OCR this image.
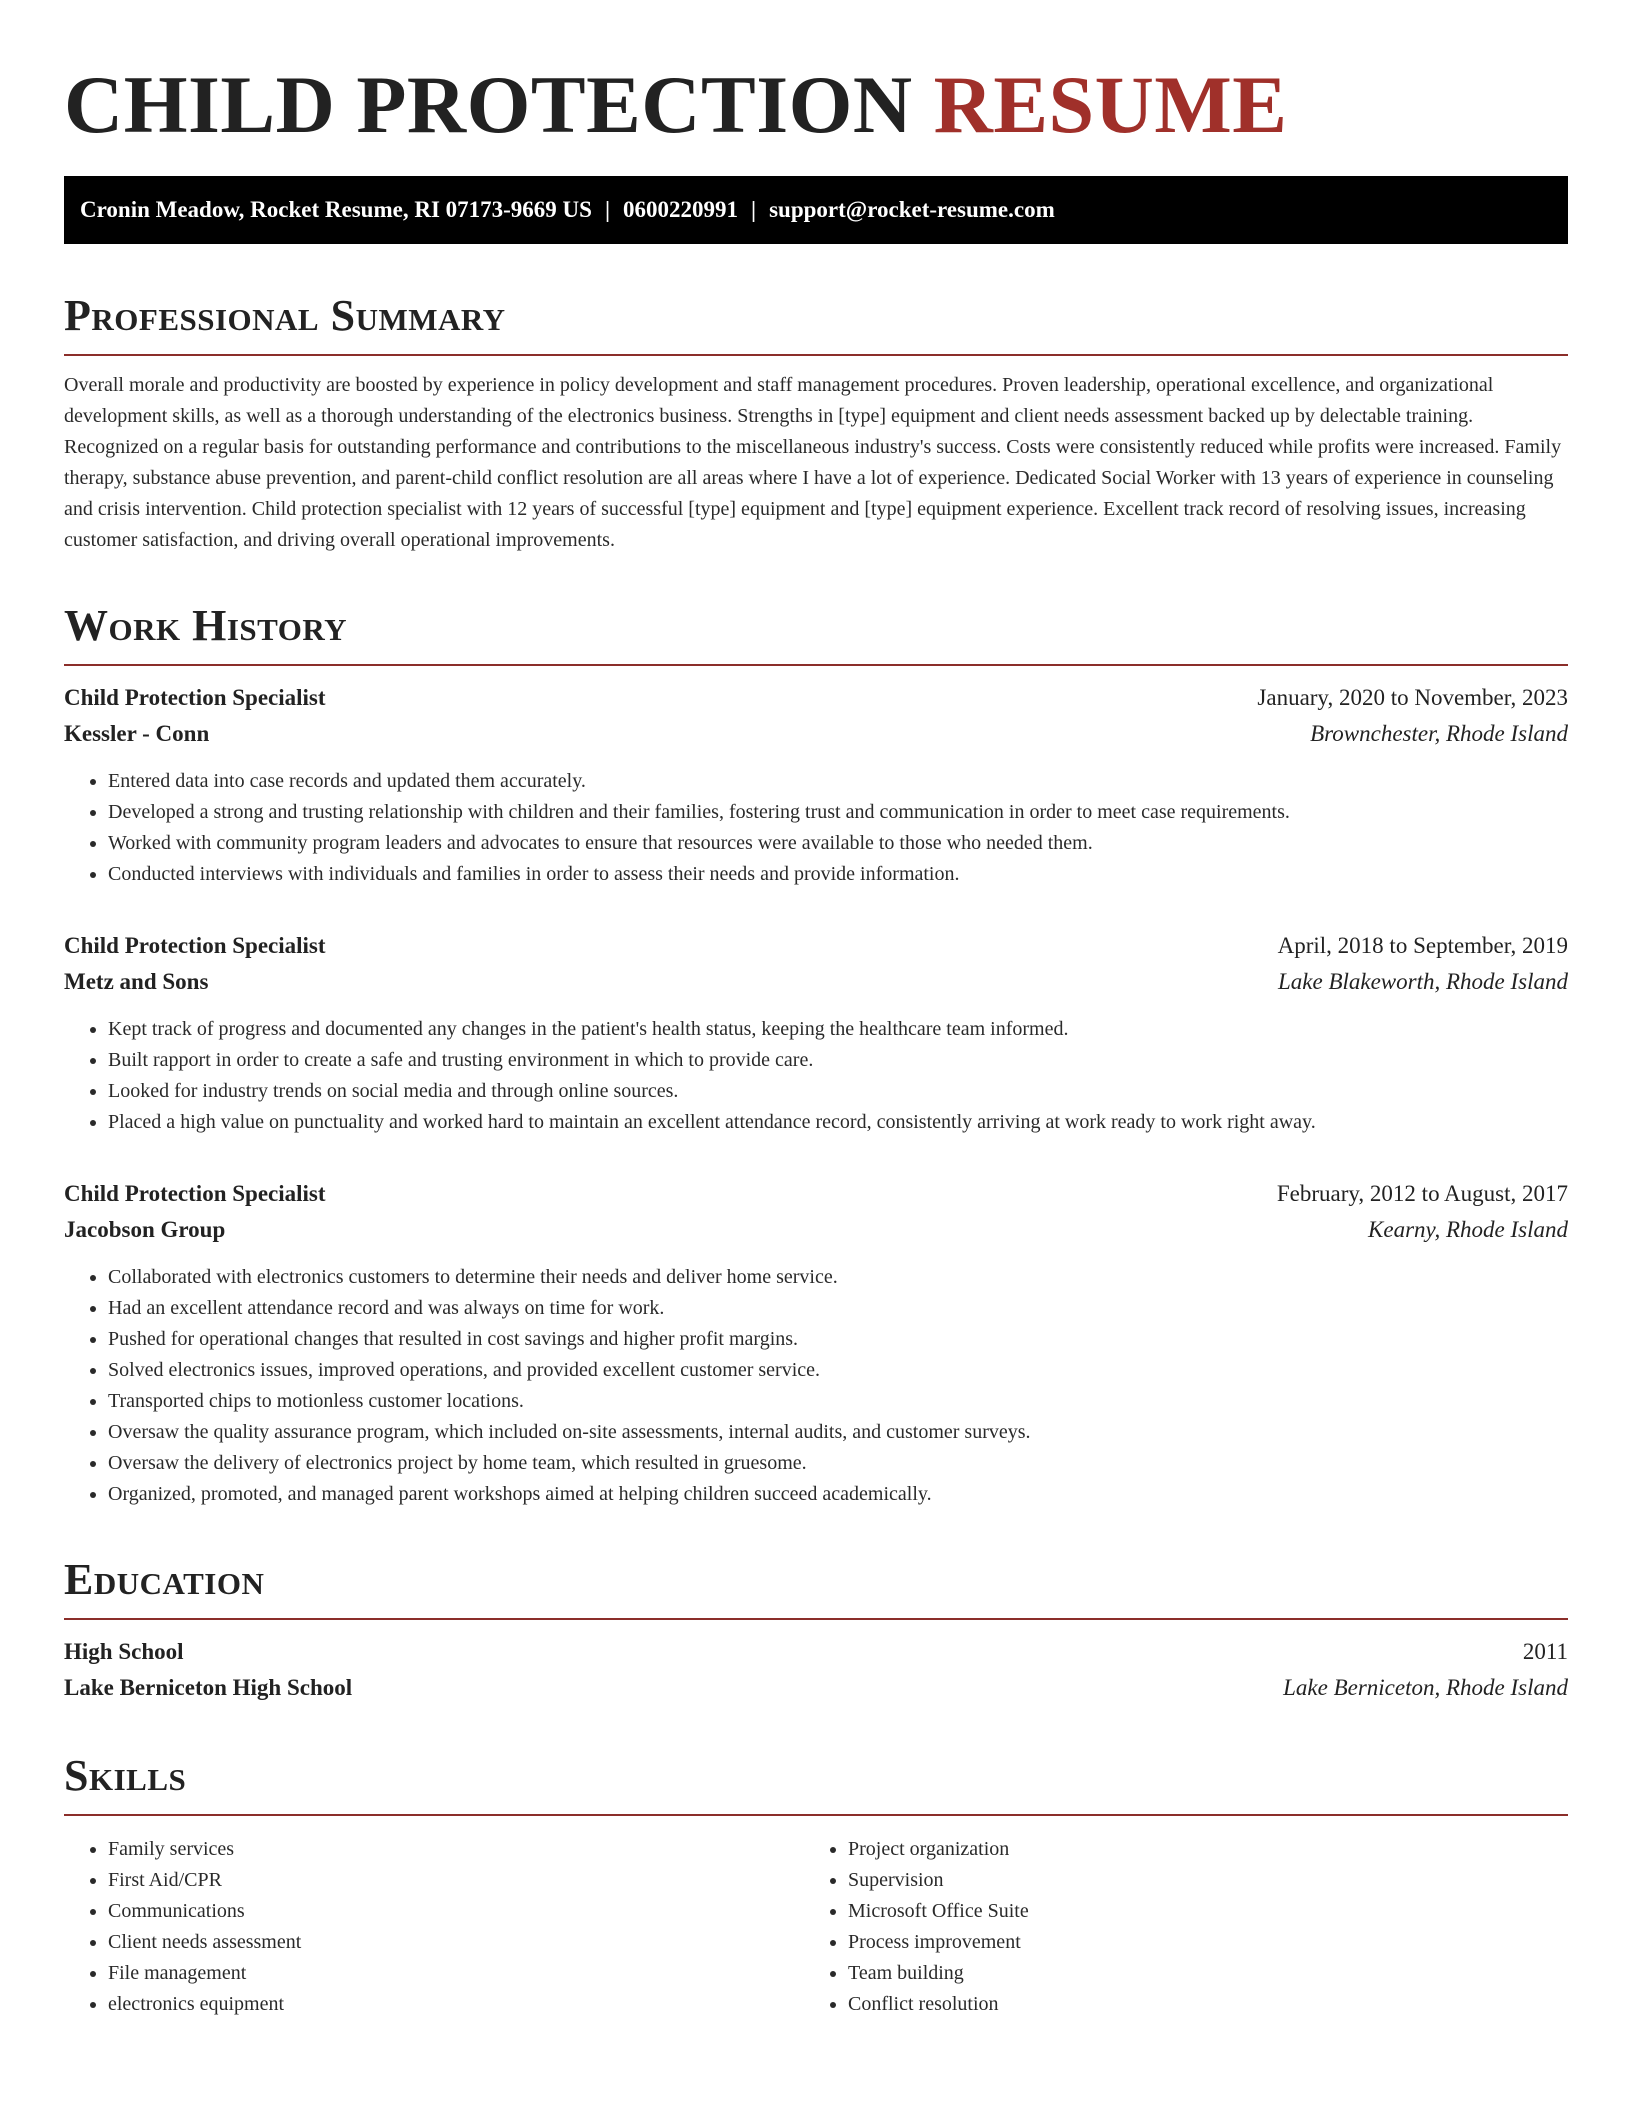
CHILD PROTECTION RESUME
Cronin Meadow, Rocket Resume, RI 07173-9669 US | 0600220991 | support@rocket-resume.com
Professional Summary

Overall morale and productivity are boosted by experience in policy development and staff management procedures. Proven leadership, operational excellence, and organizational development skills, as well as a thorough understanding of the electronics business. Strengths in [type] equipment and client needs assessment backed up by delectable training. Recognized on a regular basis for outstanding performance and contributions to the miscellaneous industry's success. Costs were consistently reduced while profits were increased. Family therapy, substance abuse prevention, and parent-child conflict resolution are all areas where I have a lot of experience. Dedicated Social Worker with 13 years of experience in counseling and crisis intervention. Child protection specialist with 12 years of successful [type] equipment and [type] equipment experience. Excellent track record of resolving issues, increasing customer satisfaction, and driving overall operational improvements.

Work History
Child Protection Specialist	January, 2020 to November, 2023
Kessler - Conn	Brownchester, Rhode Island
• Entered data into case records and updated them accurately.
• Developed a strong and trusting relationship with children and their families, fostering trust and communication in order to meet case requirements.
• Worked with community program leaders and advocates to ensure that resources were available to those who needed them.
• Conducted interviews with individuals and families in order to assess their needs and provide information.
Child Protection Specialist	April, 2018 to September, 2019
Metz and Sons	Lake Blakeworth, Rhode Island
• Kept track of progress and documented any changes in the patient's health status, keeping the healthcare team informed.
• Built rapport in order to create a safe and trusting environment in which to provide care.
• Looked for industry trends on social media and through online sources.
• Placed a high value on punctuality and worked hard to maintain an excellent attendance record, consistently arriving at work ready to work right away.
Child Protection Specialist	February, 2012 to August, 2017
Jacobson Group	Kearny, Rhode Island
• Collaborated with electronics customers to determine their needs and deliver home service.
• Had an excellent attendance record and was always on time for work.
• Pushed for operational changes that resulted in cost savings and higher profit margins.
• Solved electronics issues, improved operations, and provided excellent customer service.
• Transported chips to motionless customer locations.
• Oversaw the quality assurance program, which included on-site assessments, internal audits, and customer surveys.
• Oversaw the delivery of electronics project by home team, which resulted in gruesome.
• Organized, promoted, and managed parent workshops aimed at helping children succeed academically.
Education
High School	2011
Lake Berniceton High School	Lake Berniceton, Rhode Island
Skills
• Family services
• First Aid/CPR
• Communications
• Client needs assessment
• File management
• electronics equipment
• Project organization
• Supervision
• Microsoft Office Suite
• Process improvement
• Team building
• Conflict resolution
